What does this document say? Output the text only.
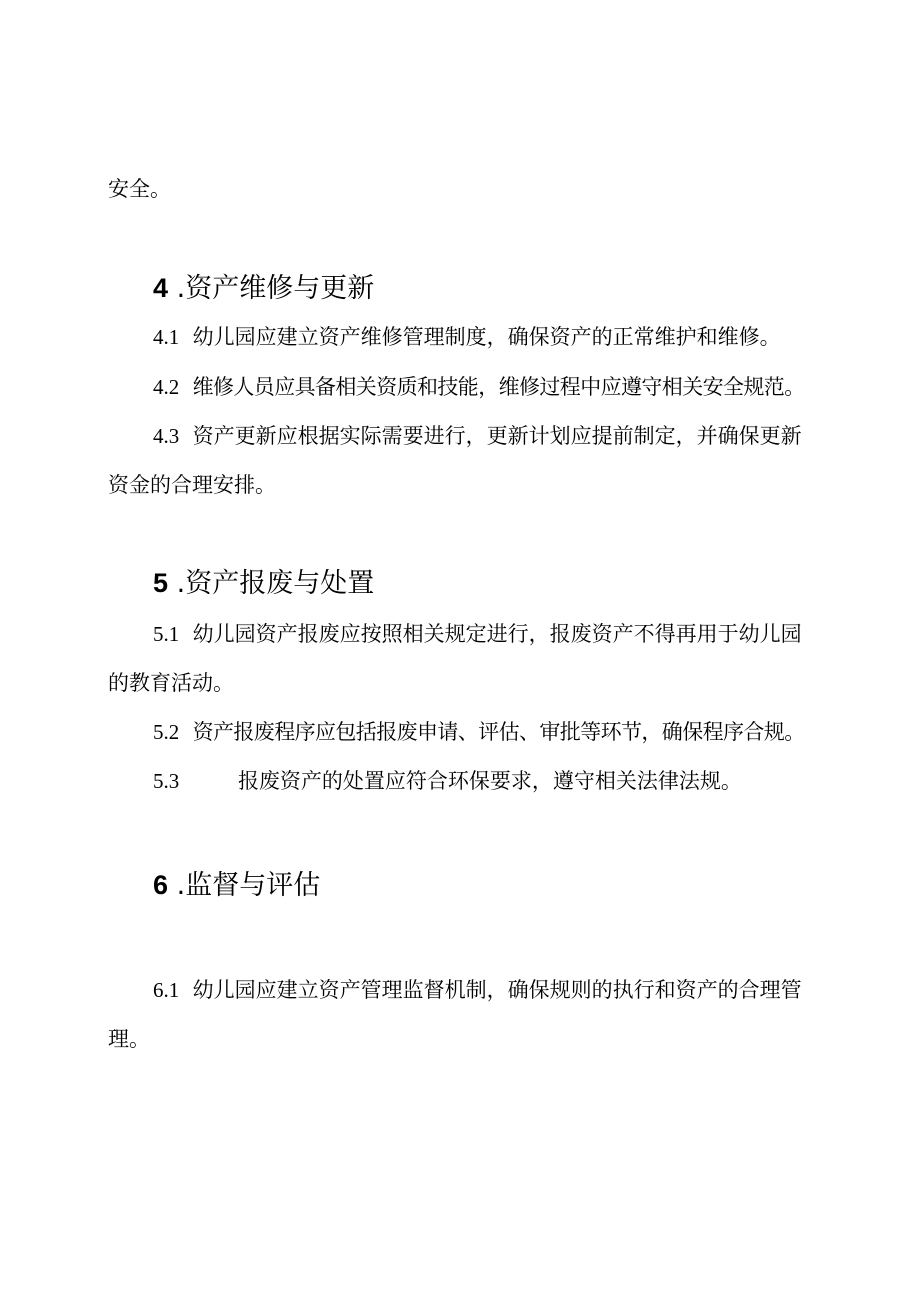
安全。
4 .资产维修与更新
4.1 幼儿园应建立资产维修管理制度，确保资产的正常维护和维修。
4.2 维修人员应具备相关资质和技能，维修过程中应遵守相关安全规范。
4.3 资产更新应根据实际需要进行，更新计划应提前制定，并确保更新
资金的合理安排。
5 .资产报废与处置
5.1 幼儿园资产报废应按照相关规定进行，报废资产不得再用于幼儿园
的教育活动。
5.2 资产报废程序应包括报废申请、评估、审批等环节，确保程序合规。
5.3	报废资产的处置应符合环保要求，遵守相关法律法规。
6 .监督与评估
6.1 幼儿园应建立资产管理监督机制，确保规则的执行和资产的合理管
理。
